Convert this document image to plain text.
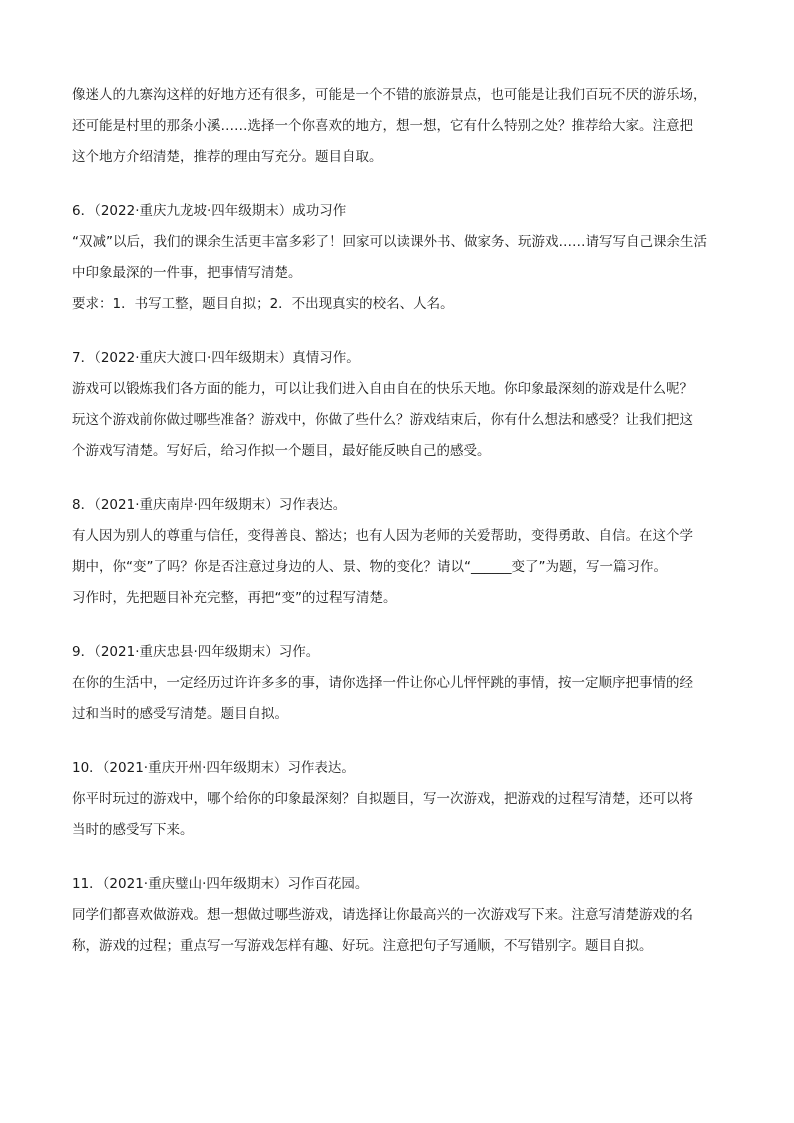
像迷人的九寨沟这样的好地方还有很多，可能是一个不错的旅游景点，也可能是让我们百玩不厌的游乐场，
还可能是村里的那条小溪……选择一个你喜欢的地方，想一想，它有什么特别之处？推荐给大家。注意把
这个地方介绍清楚，推荐的理由写充分。题目自取。
6．（2022·重庆九龙坡·四年级期末）成功习作
“双减”以后，我们的课余生活更丰富多彩了！回家可以读课外书、做家务、玩游戏……请写写自己课余生活
中印象最深的一件事，把事情写清楚。
要求：1．书写工整，题目自拟；2．不出现真实的校名、人名。
7．（2022·重庆大渡口·四年级期末）真情习作。
游戏可以锻炼我们各方面的能力，可以让我们进入自由自在的快乐天地。你印象最深刻的游戏是什么呢？
玩这个游戏前你做过哪些准备？游戏中，你做了些什么？游戏结束后，你有什么想法和感受？让我们把这
个游戏写清楚。写好后，给习作拟一个题目，最好能反映自己的感受。
8．（2021·重庆南岸·四年级期末）习作表达。
有人因为别人的尊重与信任，变得善良、豁达；也有人因为老师的关爱帮助，变得勇敢、自信。在这个学
期中，你“变”了吗？你是否注意过身边的人、景、物的变化？请以“______变了”为题，写一篇习作。
习作时，先把题目补充完整，再把“变”的过程写清楚。
9．（2021·重庆忠县·四年级期末）习作。
在你的生活中，一定经历过许许多多的事，请你选择一件让你心儿怦怦跳的事情，按一定顺序把事情的经
过和当时的感受写清楚。题目自拟。
10．（2021·重庆开州·四年级期末）习作表达。
你平时玩过的游戏中，哪个给你的印象最深刻？自拟题目，写一次游戏，把游戏的过程写清楚，还可以将
当时的感受写下来。
11．（2021·重庆璧山·四年级期末）习作百花园。
同学们都喜欢做游戏。想一想做过哪些游戏，请选择让你最高兴的一次游戏写下来。注意写清楚游戏的名
称，游戏的过程；重点写一写游戏怎样有趣、好玩。注意把句子写通顺，不写错别字。题目自拟。
